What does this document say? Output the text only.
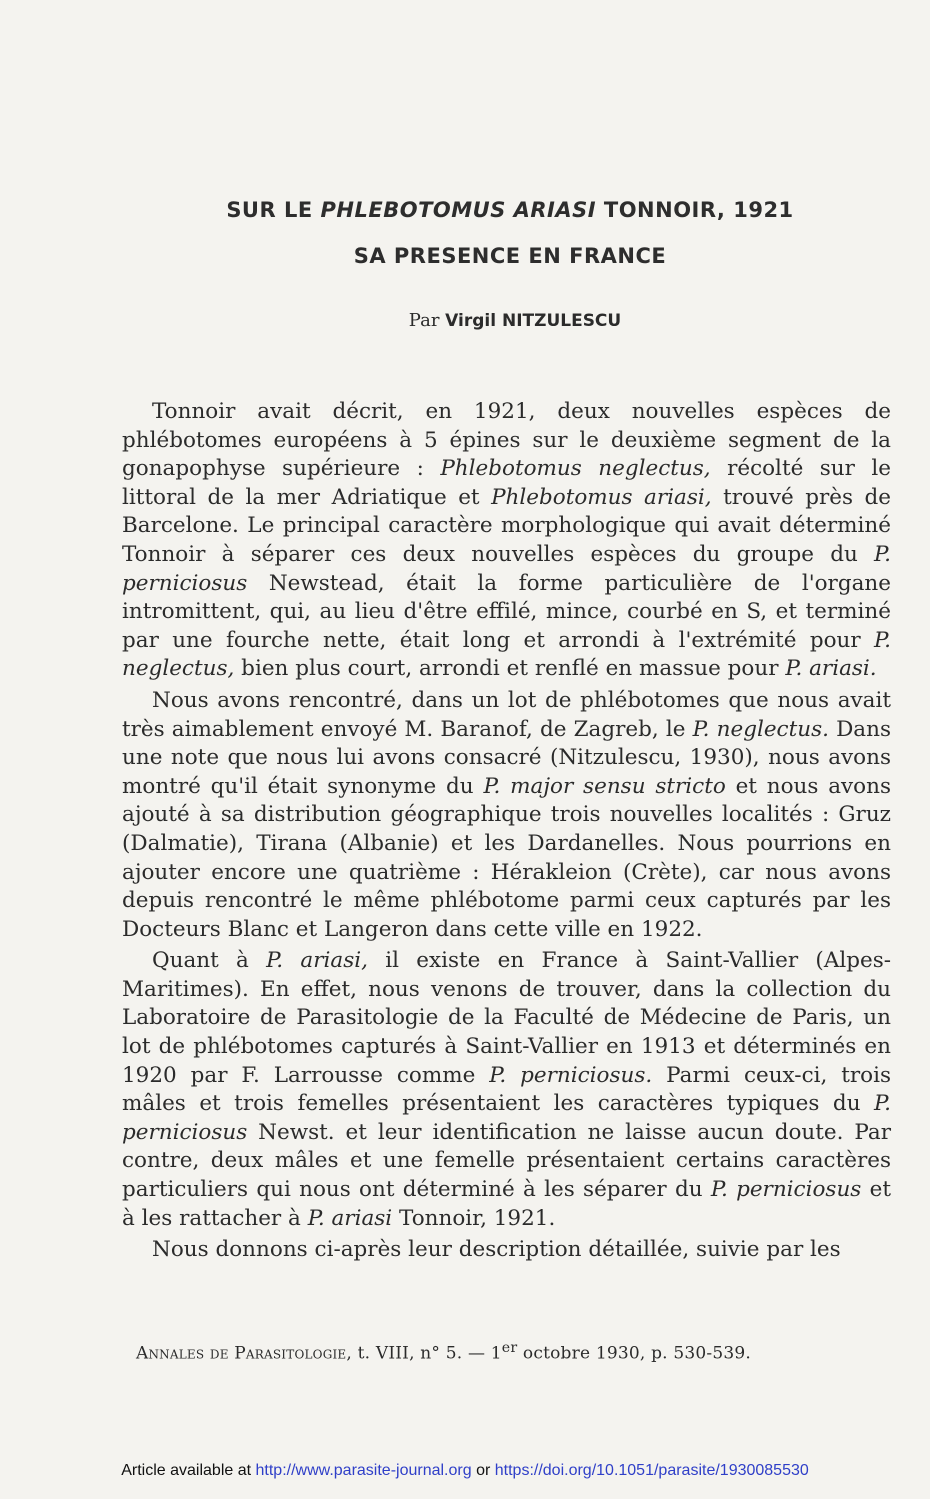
SUR LE PHLEBOTOMUS ARIASI TONNOIR, 1921
SA PRESENCE EN FRANCE
Par Virgil NITZULESCU

Tonnoir avait décrit, en 1921, deux nouvelles espèces de phlébotomes européens à 5 épines sur le deuxième segment de la gonapophyse supérieure : Phlebotomus neglectus, récolté sur le littoral de la mer Adriatique et Phlebotomus ariasi, trouvé près de Barcelone. Le principal caractère morphologique qui avait déterminé Tonnoir à séparer ces deux nouvelles espèces du groupe du P. perniciosus Newstead, était la forme particulière de l'organe intromittent, qui, au lieu d'être effilé, mince, courbé en S, et terminé par une fourche nette, était long et arrondi à l'extrémité pour P. neglectus, bien plus court, arrondi et renflé en massue pour P. ariasi.

Nous avons rencontré, dans un lot de phlébotomes que nous avait très aimablement envoyé M. Baranof, de Zagreb, le P. neglectus. Dans une note que nous lui avons consacré (Nitzulescu, 1930), nous avons montré qu'il était synonyme du P. major sensu stricto et nous avons ajouté à sa distribution géographique trois nouvelles localités : Gruz (Dalmatie), Tirana (Albanie) et les Dardanelles. Nous pourrions en ajouter encore une quatrième : Hérakleion (Crète), car nous avons depuis rencontré le même phlébotome parmi ceux capturés par les Docteurs Blanc et Langeron dans cette ville en 1922.

Quant à P. ariasi, il existe en France à Saint-Vallier (Alpes-Maritimes). En effet, nous venons de trouver, dans la collection du Laboratoire de Parasitologie de la Faculté de Médecine de Paris, un lot de phlébotomes capturés à Saint-Vallier en 1913 et déterminés en 1920 par F. Larrousse comme P. perniciosus. Parmi ceux-ci, trois mâles et trois femelles présentaient les caractères typiques du P. perniciosus Newst. et leur identification ne laisse aucun doute. Par contre, deux mâles et une femelle présentaient certains caractères particuliers qui nous ont déterminé à les séparer du P. perniciosus et à les rattacher à P. ariasi Tonnoir, 1921.

Nous donnons ci-après leur description détaillée, suivie par les

Annales de Parasitologie, t. VIII, n° 5. — 1er octobre 1930, p. 530-539.
Article available at http://www.parasite-journal.org or https://doi.org/10.1051/parasite/1930085530
